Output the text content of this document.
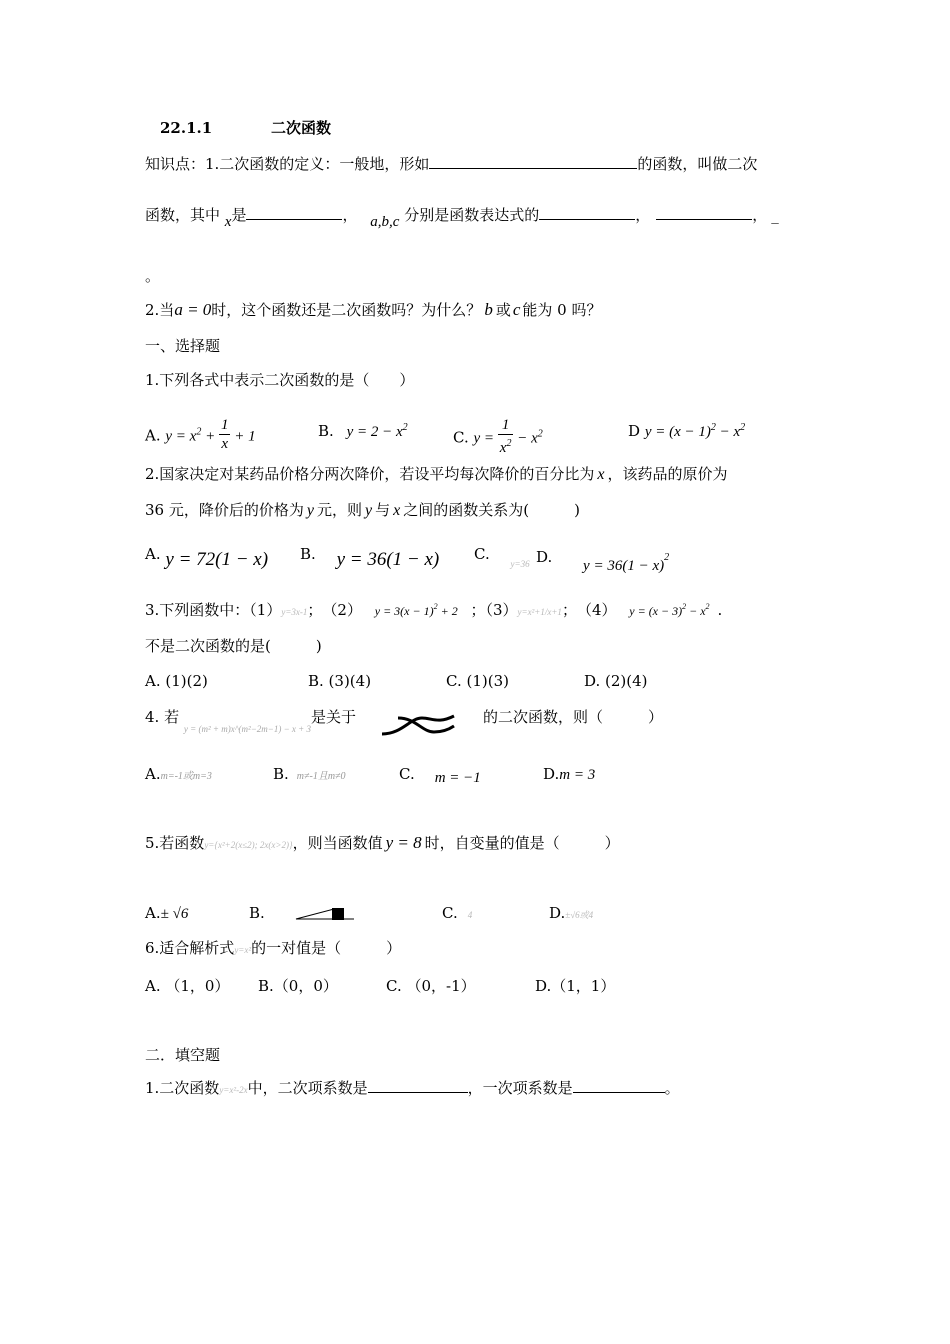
22.1.1	二次函数
知识点：1.二次函数的定义：一般地，形如	的函数，叫做二次
函数，其中 x是	， a,b,c 分别是函数表达式的	，	， _
。
2.当a = 0时，这个函数还是二次函数吗？为什么？ b 或 c 能为 0 吗？
一、选择题
1.下列各式中表示二次函数的是（　　）
A. $y = x^2 + \frac{1}{x} + 1$	B. $y = 2 - x^2$
C. $y = \frac{1}{x^2} - x^2$	D $y = (x - 1)^2 - x^2$
2.国家决定对某药品价格分两次降价，若设平均每次降价的百分比为 x ，该药品的原价为
36 元，降价后的价格为 y 元，则 y 与 x 之间的函数关系为(　　　)
A. y = 72(1 − x) B. y = 36(1 − x) C. $_{y=36}$ D. $y = 36(1 - x)^2$
3.下列函数中：（1）y=3x-1；　（2） $y = 3(x - 1)^2 + 2$ ；（3）y=x²+1/x+1；　（4） $y = (x - 3)^2 - x^2$ .
不是二次函数的是(　　　)
A. (1)(2)	B. (3)(4)	C. (1)(3)	D. (2)(4)
4. 若 $_{y = (m^2 + m)x\^{}(m^2-2m-1) - x + 3}$是关于	的二次函数，则（　　　）
A.m=-1或m=3	B. m≠-1且m≠0	C. m = −1	D.m = 3
5.若函数y={x²+2(x≤2); 2x(x>2)}，则当函数值 y = 8 时，自变量的值是（　　　）
A.± √6	B.	C. 4	D.±√6或4
6.适合解析式y=x²的一对值是（　　　）
A. （1，0） B.（0，0）	C. （0，-1）	D.（1，1）
二．填空题
1.二次函数y=x²-2x中，二次项系数是	，一次项系数是	。
